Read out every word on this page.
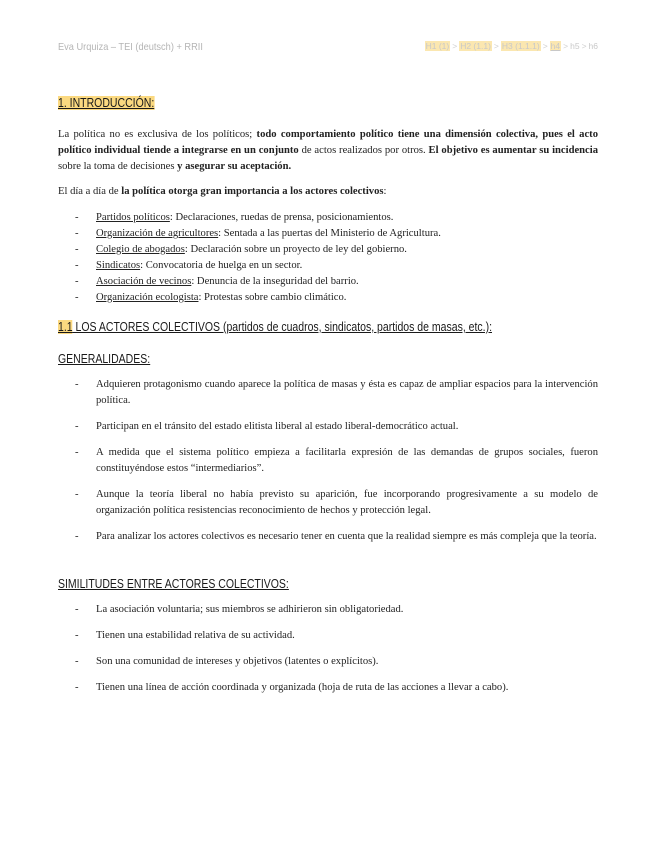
Eva Urquiza – TEI (deutsch) + RRII	H1 (1) > H2 (1.1) > H3 (1.1.1) > h4 > h5 > h6
1. INTRODUCCIÓN:
La política no es exclusiva de los políticos; todo comportamiento político tiene una dimensión colectiva, pues el acto político individual tiende a integrarse en un conjunto de actos realizados por otros. El objetivo es aumentar su incidencia sobre la toma de decisiones y asegurar su aceptación.
El día a día de la política otorga gran importancia a los actores colectivos:
- Partidos políticos: Declaraciones, ruedas de prensa, posicionamientos.
- Organización de agricultores: Sentada a las puertas del Ministerio de Agricultura.
- Colegio de abogados: Declaración sobre un proyecto de ley del gobierno.
- Sindicatos: Convocatoria de huelga en un sector.
- Asociación de vecinos: Denuncia de la inseguridad del barrio.
- Organización ecologista: Protestas sobre cambio climático.
1.1 LOS ACTORES COLECTIVOS (partidos de cuadros, sindicatos, partidos de masas, etc.):
GENERALIDADES:
- Adquieren protagonismo cuando aparece la política de masas y ésta es capaz de ampliar espacios para la intervención política.
- Participan en el tránsito del estado elitista liberal al estado liberal-democrático actual.
- A medida que el sistema político empieza a facilitarla expresión de las demandas de grupos sociales, fueron constituyéndose estos “intermediarios”.
- Aunque la teoría liberal no había previsto su aparición, fue incorporando progresivamente a su modelo de organización política resistencias reconocimiento de hechos y protección legal.
- Para analizar los actores colectivos es necesario tener en cuenta que la realidad siempre es más compleja que la teoría.
SIMILITUDES ENTRE ACTORES COLECTIVOS:
- La asociación voluntaria; sus miembros se adhirieron sin obligatoriedad.
- Tienen una estabilidad relativa de su actividad.
- Son una comunidad de intereses y objetivos (latentes o explícitos).
- Tienen una línea de acción coordinada y organizada (hoja de ruta de las acciones a llevar a cabo).
